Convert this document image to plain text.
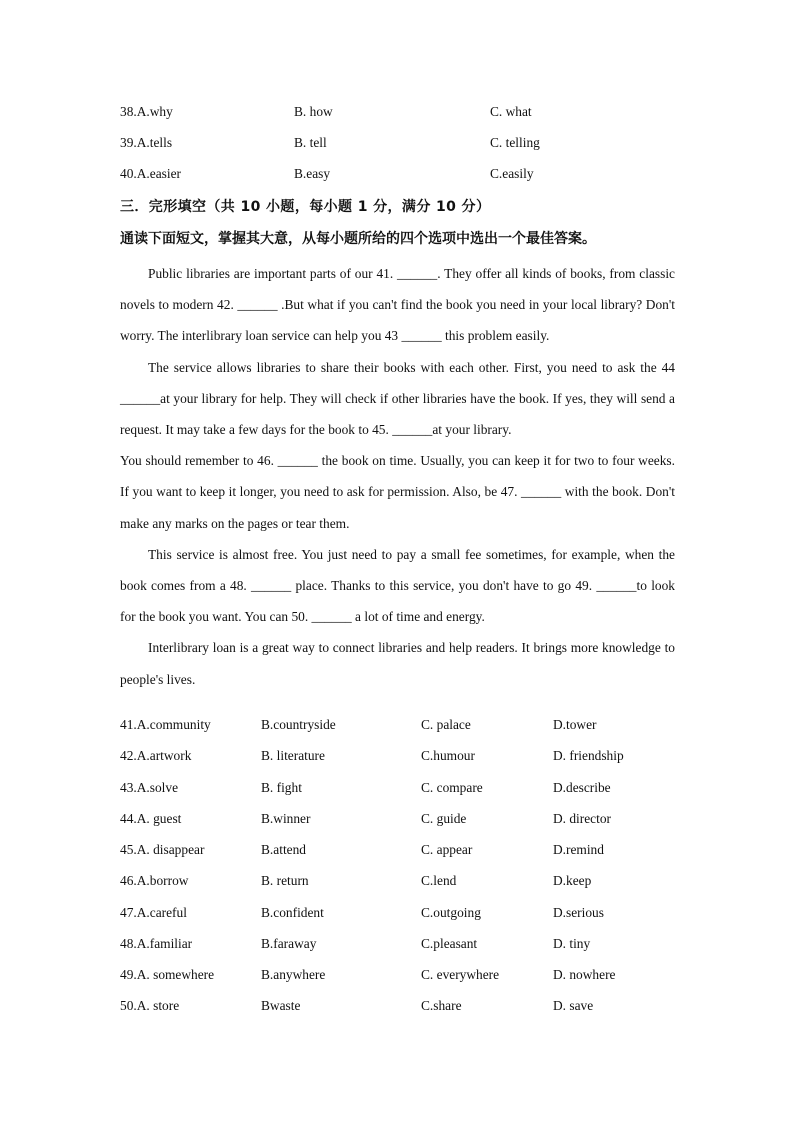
38.A.why	B. how	C. what
39.A.tells	B. tell	C. telling
40.A.easier	B.easy	C.easily
三．完形填空（共 10 小题，每小题 1 分，满分 10 分）
通读下面短文，掌握其大意，从每小题所给的四个选项中选出一个最佳答案。

Public libraries are important parts of our 41. ______. They offer all kinds of books, from classic novels to modern 42. ______ .But what if you can't find the book you need in your local library? Don't worry. The interlibrary loan service can help you 43 ______ this problem easily.

The service allows libraries to share their books with each other. First, you need to ask the 44 ______at your library for help. They will check if other libraries have the book. If yes, they will send a request. It may take a few days for the book to 45. ______at your library.

You should remember to 46. ______ the book on time. Usually, you can keep it for two to four weeks. If you want to keep it longer, you need to ask for permission. Also, be 47. ______ with the book. Don't make any marks on the pages or tear them.

This service is almost free. You just need to pay a small fee sometimes, for example, when the book comes from a 48. ______ place. Thanks to this service, you don't have to go 49. ______to look for the book you want. You can 50. ______ a lot of time and energy.

Interlibrary loan is a great way to connect libraries and help readers. It brings more knowledge to people's lives.

41.A.community	B.countryside	C. palace	D.tower
42.A.artwork	B. literature	C.humour	D. friendship
43.A.solve	B. fight	C. compare	D.describe
44.A. guest	B.winner	C. guide	D. director
45.A. disappear	B.attend	C. appear	D.remind
46.A.borrow	B. return	C.lend	D.keep
47.A.careful	B.confident	C.outgoing	D.serious
48.A.familiar	B.faraway	C.pleasant	D. tiny
49.A. somewhere	B.anywhere	C. everywhere	D. nowhere
50.A. store	Bwaste	C.share	D. save
